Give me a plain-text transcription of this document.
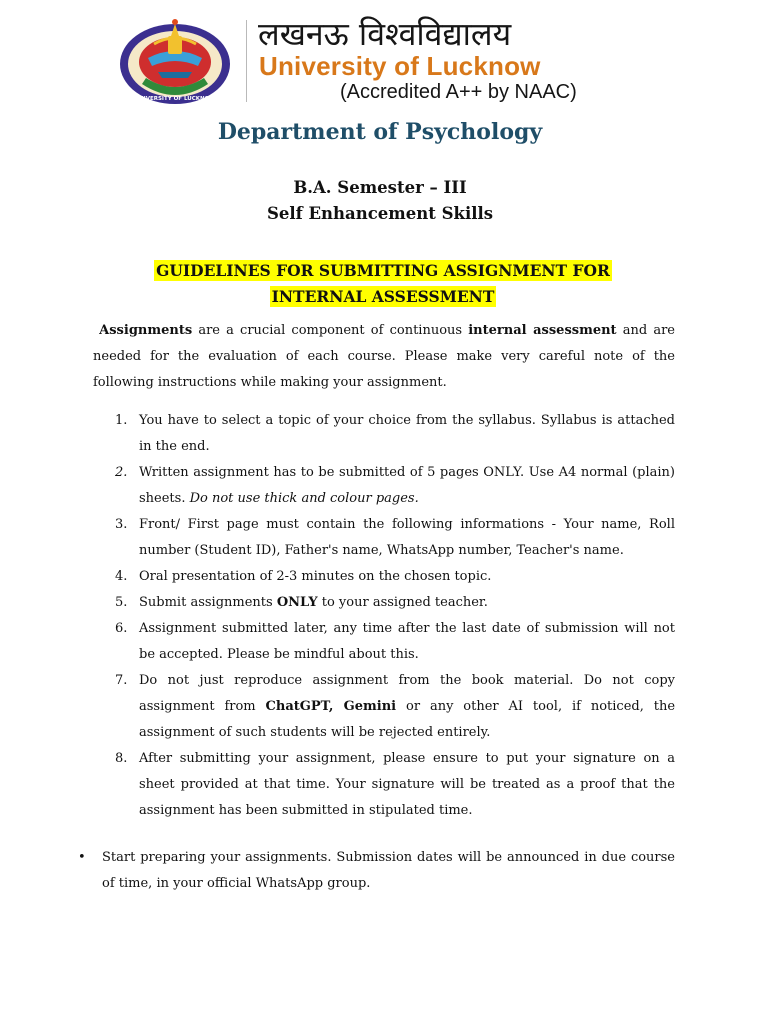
UNIVERSITY OF LUCKNOW
लखनऊ विश्वविद्यालय
University of Lucknow
(Accredited A++ by NAAC)
Department of Psychology
B.A. Semester – III
Self Enhancement Skills
GUIDELINES FOR SUBMITTING ASSIGNMENT FOR
INTERNAL ASSESSMENT

Assignments are a crucial component of continuous internal assessment and are needed for the evaluation of each course. Please make very careful note of the following instructions while making your assignment.

1. You have to select a topic of your choice from the syllabus. Syllabus is attached in the end.
2. Written assignment has to be submitted of 5 pages ONLY. Use A4 normal (plain) sheets. Do not use thick and colour pages.
3. Front/ First page must contain the following informations - Your name, Roll number (Student ID), Father's name, WhatsApp number, Teacher's name.
4. Oral presentation of 2-3 minutes on the chosen topic.
5. Submit assignments ONLY to your assigned teacher.
6. Assignment submitted later, any time after the last date of submission will not be accepted. Please be mindful about this.
7. Do not just reproduce assignment from the book material. Do not copy assignment from ChatGPT, Gemini or any other AI tool, if noticed, the assignment of such students will be rejected entirely.
8. After submitting your assignment, please ensure to put your signature on a sheet provided at that time. Your signature will be treated as a proof that the assignment has been submitted in stipulated time.

•	Start preparing your assignments. Submission dates will be announced in due course of time, in your official WhatsApp group.
